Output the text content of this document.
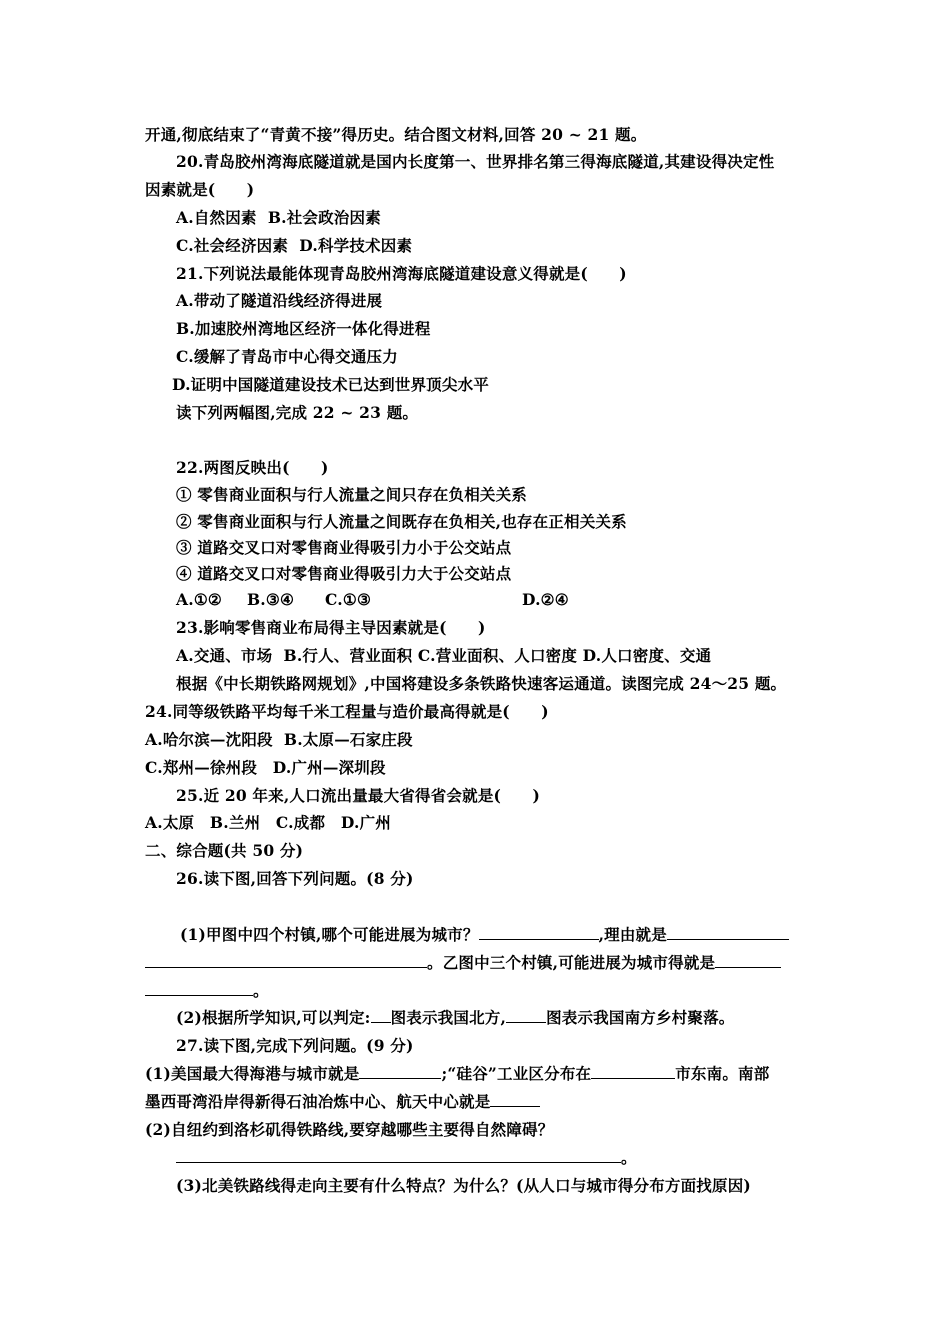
开通,彻底结束了“青黄不接”得历史。结合图文材料,回答 20 ~ 21 题。
20.青岛胶州湾海底隧道就是国内长度第一、世界排名第三得海底隧道,其建设得决定性
因素就是(　　)
A.自然因素  B.社会政治因素
C.社会经济因素  D.科学技术因素
21.下列说法最能体现青岛胶州湾海底隧道建设意义得就是(　　)
A.带动了隧道沿线经济得进展
B.加速胶州湾地区经济一体化得进程
C.缓解了青岛市中心得交通压力
D.证明中国隧道建设技术已达到世界顶尖水平
读下列两幅图,完成 22 ~ 23 题。
22.两图反映出(　　)
① 零售商业面积与行人流量之间只存在负相关关系
② 零售商业面积与行人流量之间既存在负相关,也存在正相关关系
③ 道路交叉口对零售商业得吸引力小于公交站点
④ 道路交叉口对零售商业得吸引力大于公交站点
A.①② B.③④ C.①③	D.②④
23.影响零售商业布局得主导因素就是(　　)
A.交通、市场  B.行人、营业面积 C.营业面积、人口密度 D.人口密度、交通
根据《中长期铁路网规划》,中国将建设多条铁路快速客运通道。读图完成 24～25 题。
24.同等级铁路平均每千米工程量与造价最高得就是(　　)
A.哈尔滨—沈阳段  B.太原—石家庄段
C.郑州—徐州段　D.广州—深圳段
25.近 20 年来,人口流出量最大省得省会就是(　　)
A.太原　B.兰州　C.成都　D.广州
二、综合题(共 50 分)
26.读下图,回答下列问题。(8 分)
(1)甲图中四个村镇,哪个可能进展为城市？	,理由就是
。乙图中三个村镇,可能进展为城市得就是
。
(2)根据所学知识,可以判定: 图表示我国北方,	图表示我国南方乡村聚落。
27.读下图,完成下列问题。(9 分)
(1)美国最大得海港与城市就是	;“硅谷”工业区分布在	市东南。南部
墨西哥湾沿岸得新得石油冶炼中心、航天中心就是
(2)自纽约到洛杉矶得铁路线,要穿越哪些主要得自然障碍？
。
(3)北美铁路线得走向主要有什么特点？为什么？(从人口与城市得分布方面找原因)
